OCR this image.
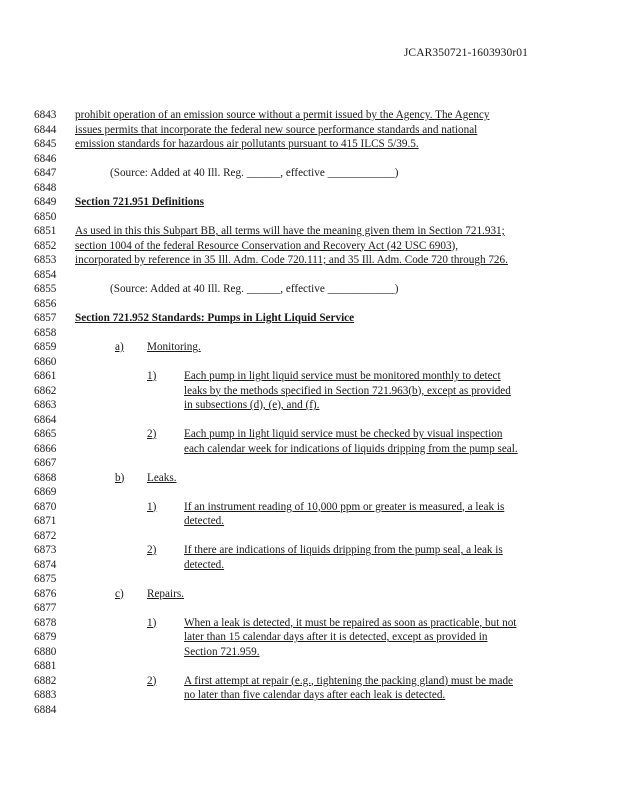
JCAR350721-1603930r01
6843 prohibit operation of an emission source without a permit issued by the Agency. The Agency
6844 issues permits that incorporate the federal new source performance standards and national
6845 emission standards for hazardous air pollutants pursuant to 415 ILCS 5/39.5.
6846
6847	(Source: Added at 40 Ill. Reg. ______, effective ____________)
6848
6849 Section 721.951 Definitions
6850
6851 As used in this this Subpart BB, all terms will have the meaning given them in Section 721.931;
6852 section 1004 of the federal Resource Conservation and Recovery Act (42 USC 6903),
6853 incorporated by reference in 35 Ill. Adm. Code 720.111; and 35 Ill. Adm. Code 720 through 726.
6854
6855	(Source: Added at 40 Ill. Reg. ______, effective ____________)
6856
6857 Section 721.952 Standards: Pumps in Light Liquid Service
6858
6859	a) Monitoring.
6860
6861	1) Each pump in light liquid service must be monitored monthly to detect
6862	leaks by the methods specified in Section 721.963(b), except as provided
6863	in subsections (d), (e), and (f).
6864
6865	2) Each pump in light liquid service must be checked by visual inspection
6866	each calendar week for indications of liquids dripping from the pump seal.
6867
6868	b) Leaks.
6869
6870	1) If an instrument reading of 10,000 ppm or greater is measured, a leak is
6871	detected.
6872
6873	2) If there are indications of liquids dripping from the pump seal, a leak is
6874	detected.
6875
6876	c) Repairs.
6877
6878	1) When a leak is detected, it must be repaired as soon as practicable, but not
6879	later than 15 calendar days after it is detected, except as provided in
6880	Section 721.959.
6881
6882	2) A first attempt at repair (e.g., tightening the packing gland) must be made
6883	no later than five calendar days after each leak is detected.
6884
